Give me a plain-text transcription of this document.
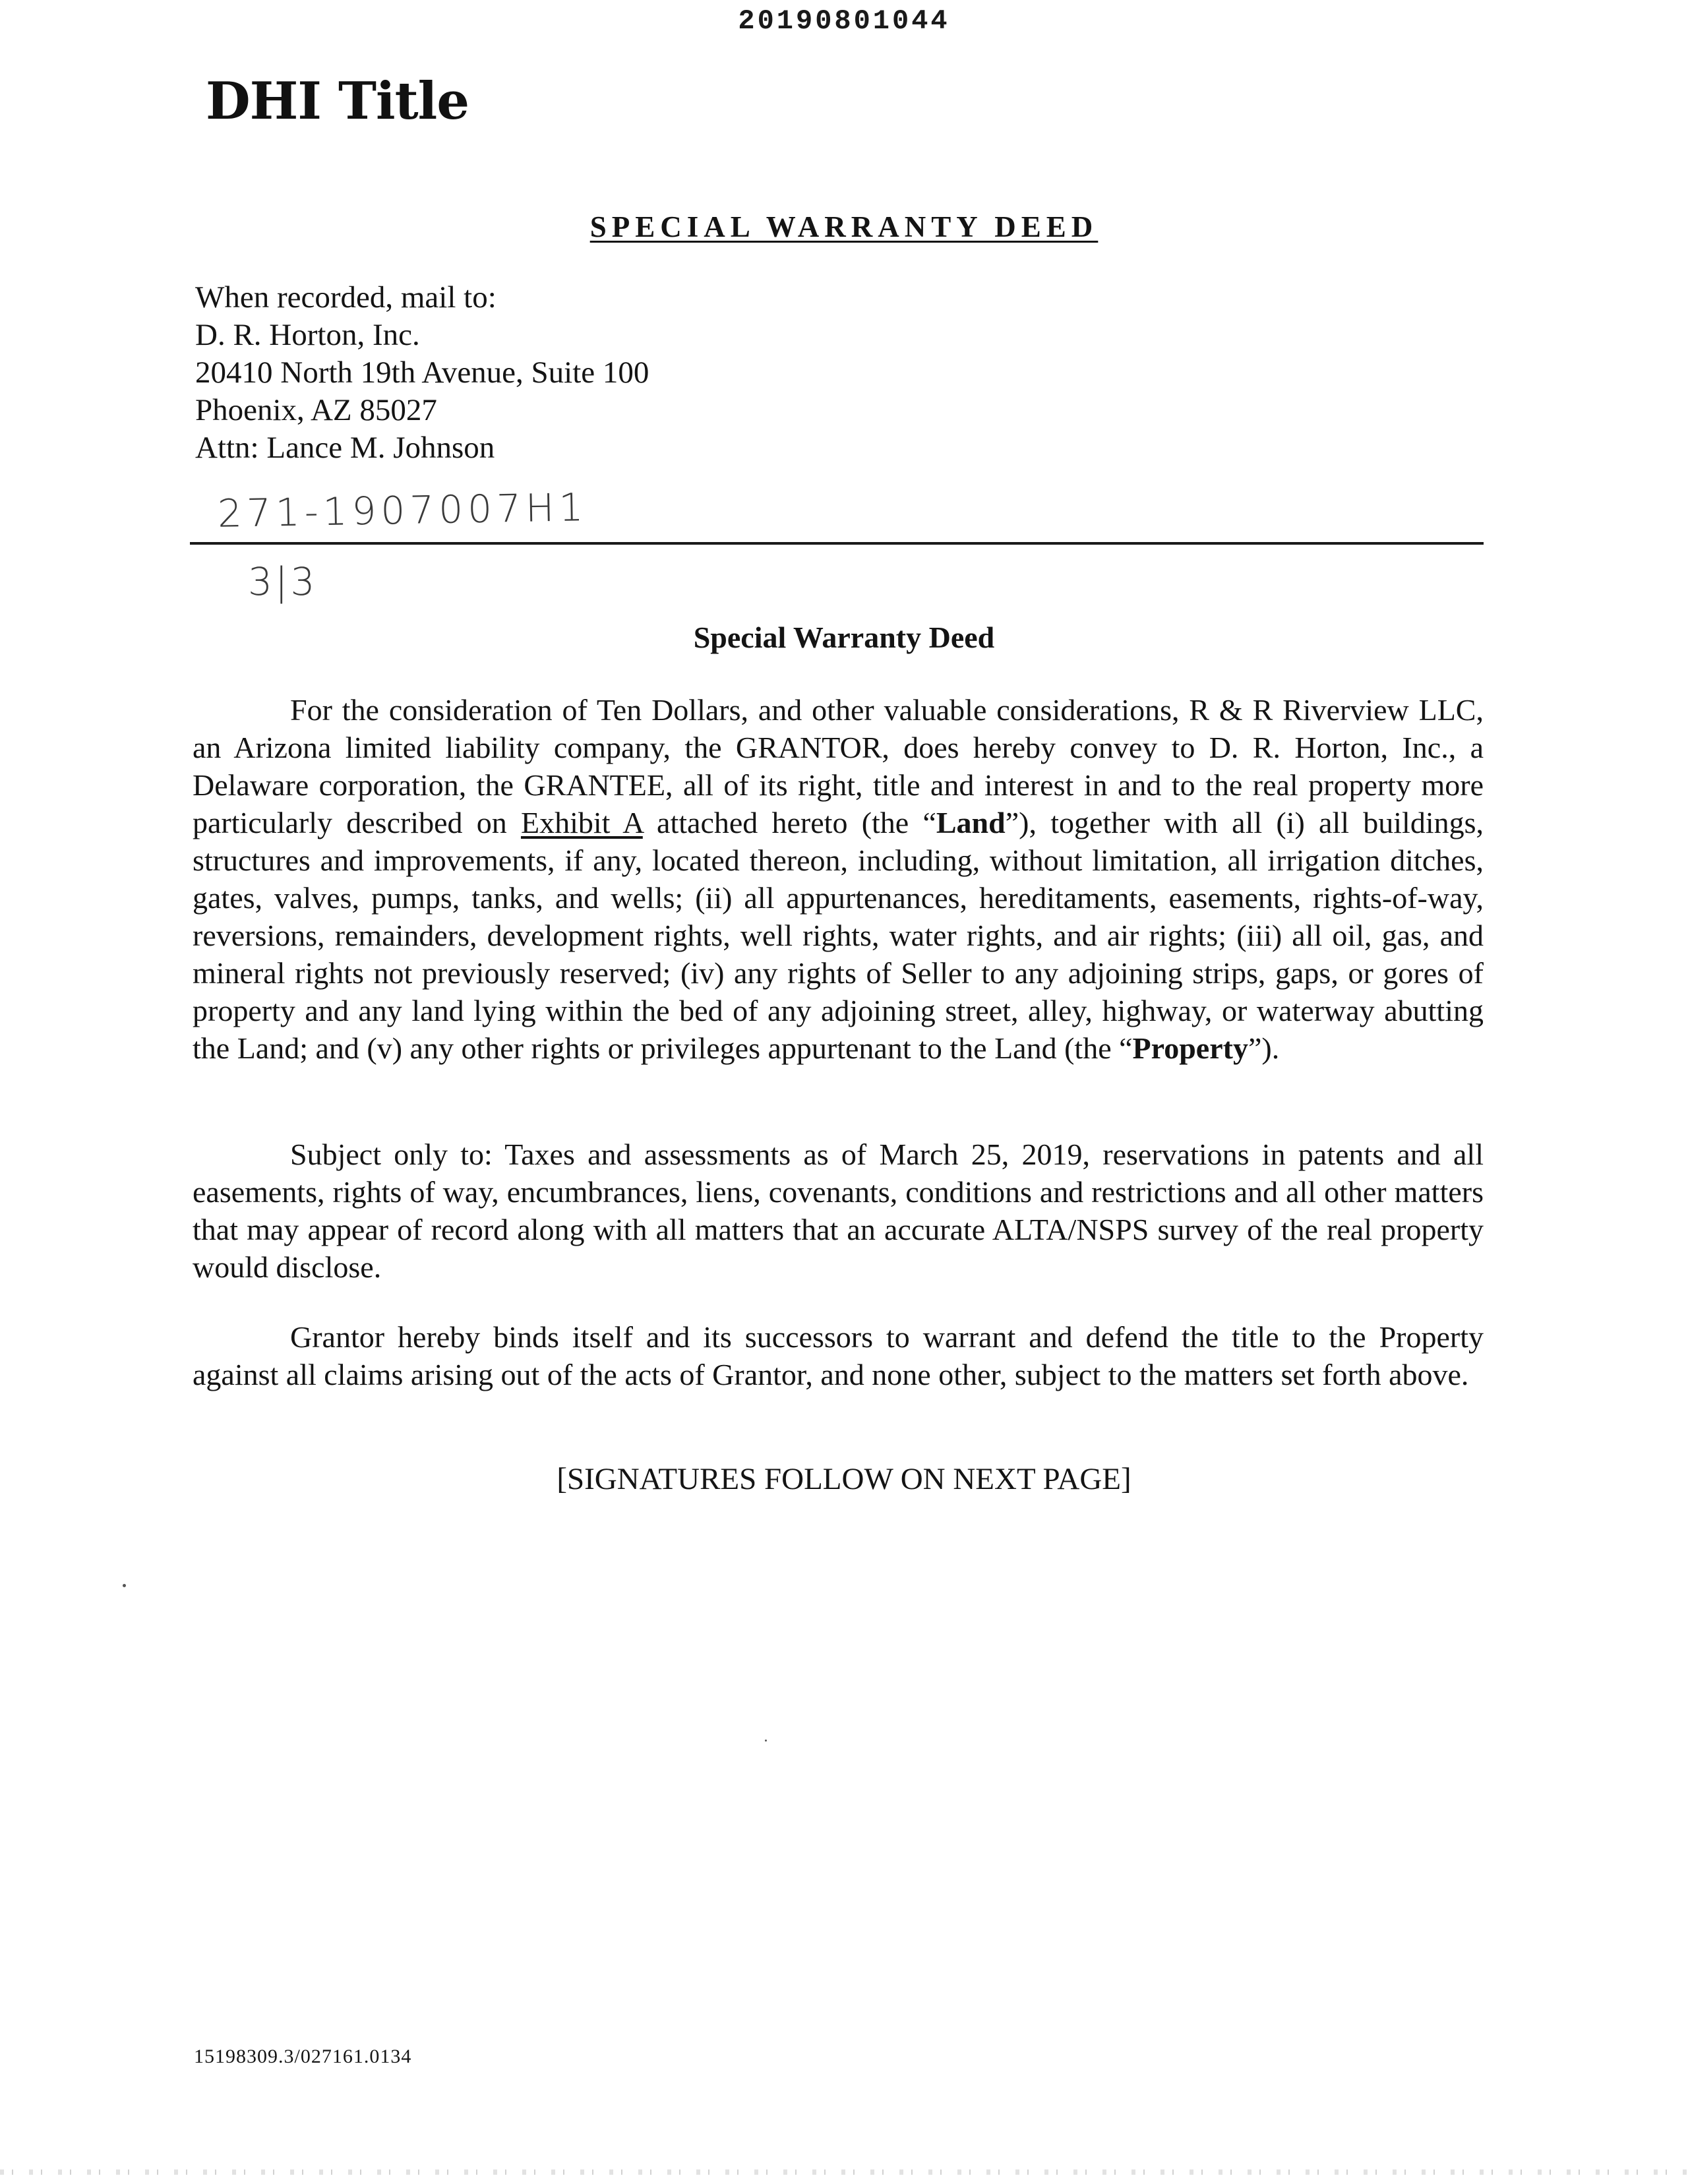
20190801044
DHI Title
SPECIAL WARRANTY DEED
When recorded, mail to:
D. R. Horton, Inc.
20410 North 19th Avenue, Suite 100
Phoenix, AZ 85027
Attn: Lance M. Johnson
271-1907007H1
3|3
Special Warranty Deed
For the consideration of Ten Dollars, and other valuable considerations, R & R Riverview LLC, an Arizona limited liability company, the GRANTOR, does hereby convey to D. R. Horton, Inc., a Delaware corporation, the GRANTEE, all of its right, title and interest in and to the real property more particularly described on Exhibit A attached hereto (the “Land”), together with all (i) all buildings, structures and improvements, if any, located thereon, including, without limitation, all irrigation ditches, gates, valves, pumps, tanks, and wells; (ii) all appurtenances, hereditaments, easements, rights-of-way, reversions, remainders, development rights, well rights, water rights, and air rights; (iii) all oil, gas, and mineral rights not previously reserved; (iv) any rights of Seller to any adjoining strips, gaps, or gores of property and any land lying within the bed of any adjoining street, alley, highway, or waterway abutting the Land; and (v) any other rights or privileges appurtenant to the Land (the “Property”).
Subject only to: Taxes and assessments as of March 25, 2019, reservations in patents and all easements, rights of way, encumbrances, liens, covenants, conditions and restrictions and all other matters that may appear of record along with all matters that an accurate ALTA/NSPS survey of the real property would disclose.
Grantor hereby binds itself and its successors to warrant and defend the title to the Property against all claims arising out of the acts of Grantor, and none other, subject to the matters set forth above.
[SIGNATURES FOLLOW ON NEXT PAGE]
15198309.3/027161.0134
